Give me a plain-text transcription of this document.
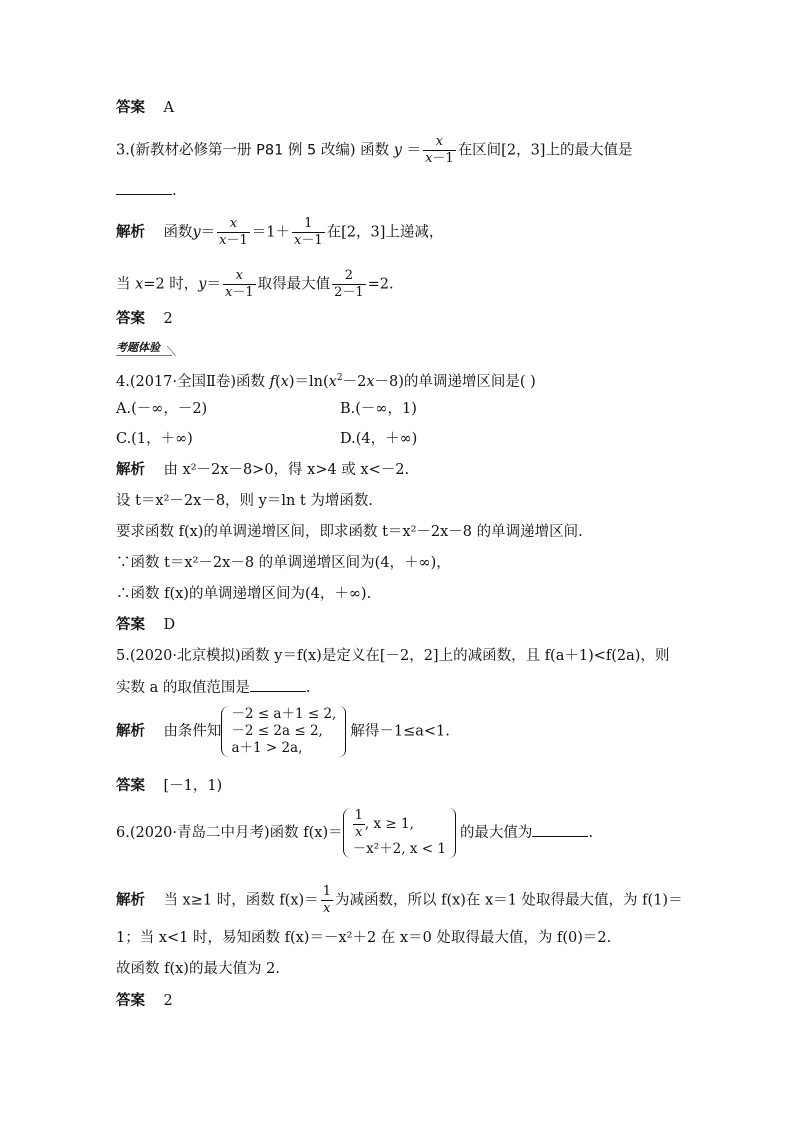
答案 A
3.(新教材必修第一册 P81 例 5 改编) 函数 $y = \frac{x}{x-1}$ 在区间[2，3]上的最大值是
.
解析 函数$y= \frac{x}{x-1} =1+ \frac{1}{x-1}$ 在[2，3]上递减，
当 x=2 时，$y= \frac{x}{x-1}$ 取得最大值 $\frac{2}{2-1} =2$.
答案 2
考题体验
4.(2017·全国Ⅱ卷)函数 $f(x)=\ln(x^2-2x-8)$的单调递增区间是( )
A.(－∞，－2)	B.(－∞，1)
C.(1，＋∞)	D.(4，＋∞)
解析 由 x²－2x－8>0，得 x>4 或 x<－2.
设 t＝x²－2x－8，则 y＝ln t 为增函数.
要求函数 f(x)的单调递增区间，即求函数 t＝x²－2x－8 的单调递增区间.
∵函数 t＝x²－2x－8 的单调递增区间为(4，＋∞)，
∴函数 f(x)的单调递增区间为(4，＋∞).
答案 D
5.(2020·北京模拟)函数 y＝f(x)是定义在[－2，2]上的减函数，且 f(a＋1)<f(2a)，则
实数 a 的取值范围是	.
解析 由条件知
－2 ≤ a＋1 ≤ 2,
－2 ≤ 2a ≤ 2,
a＋1 > 2a,
解得－1≤a<1.
答案 [－1，1)
6.(2020·青岛二中月考)函数 $f(x)= \frac{1}{x}$ , x ≥ 1,
－x²＋2, x < 1
的最大值为	.
解析 当 x≥1 时，函数 $f(x)= \frac{1}{x}$ 为减函数，所以 f(x)在 x＝1 处取得最大值，为 f(1)＝
1；当 x<1 时，易知函数 f(x)＝－x²＋2 在 x＝0 处取得最大值，为 f(0)＝2.
故函数 f(x)的最大值为 2.
答案 2
